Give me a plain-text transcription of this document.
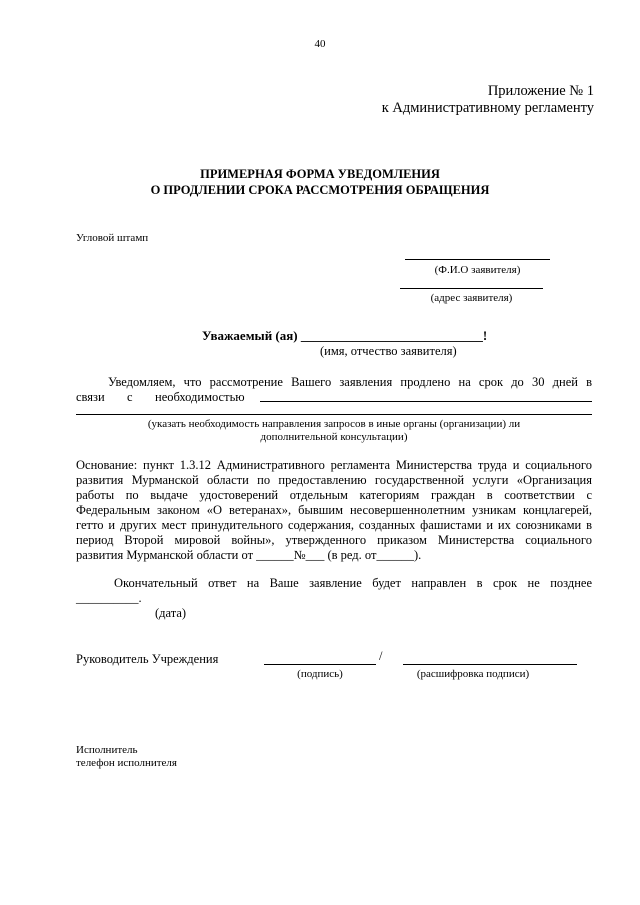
40
Приложение № 1
к Административному регламенту
ПРИМЕРНАЯ ФОРМА УВЕДОМЛЕНИЯ
О ПРОДЛЕНИИ СРОКА РАССМОТРЕНИЯ ОБРАЩЕНИЯ
Угловой штамп
(Ф.И.О заявителя)
(адрес заявителя)
Уважаемый (ая) ____________________________!
(имя, отчество заявителя)
Уведомляем, что рассмотрение Вашего заявления продлено на срок до 30 дней в
связи с необходимостью
(указать необходимость направления запросов в иные органы (организации) ли
дополнительной консультации)
Основание: пункт 1.3.12 Административного регламента Министерства труда и социального
развития Мурманской области по предоставлению государственной услуги «Организация
работы по выдаче удостоверений отдельным категориям граждан в соответствии с
Федеральным законом «О ветеранах», бывшим несовершеннолетним узникам концлагерей,
гетто и других мест принудительного содержания, созданных фашистами и их союзниками в
период Второй мировой войны», утвержденного приказом Министерства социального
развития Мурманской области от ______№___ (в ред. от______).
Окончательный ответ на Ваше заявление будет направлен в срок не позднее
__________.
(дата)
Руководитель Учреждения	/
(подпись)	(расшифровка подписи)
Исполнитель
телефон исполнителя
